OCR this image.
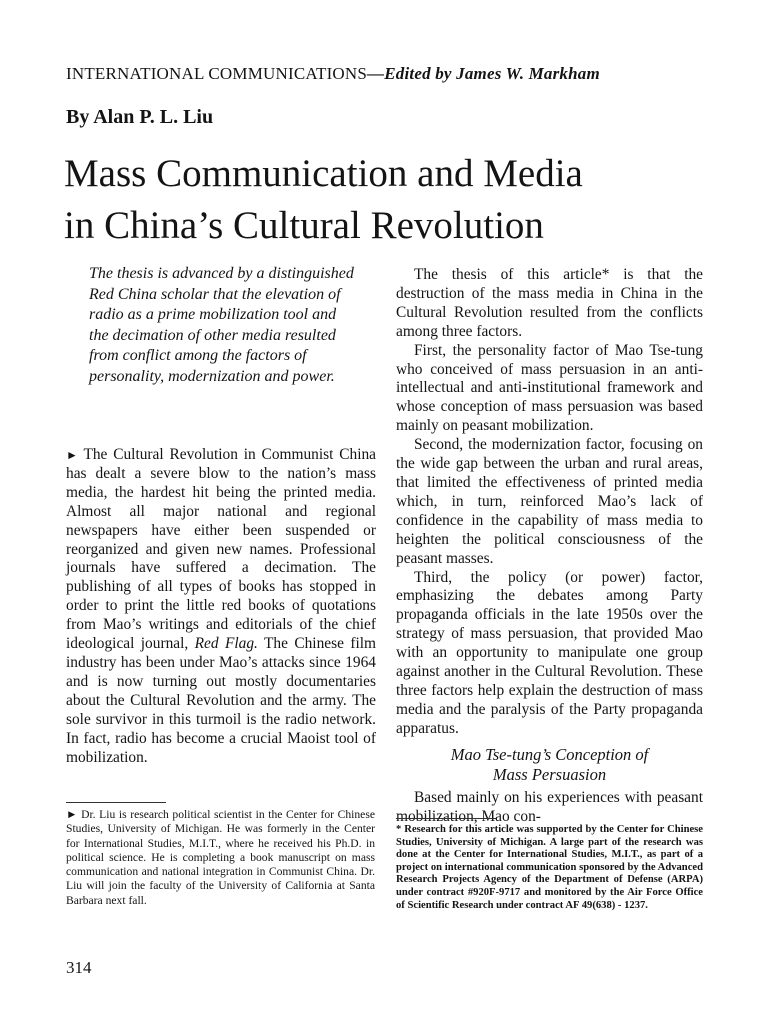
INTERNATIONAL COMMUNICATIONS—Edited by James W. Markham
By Alan P. L. Liu
Mass Communication and Media
in China’s Cultural Revolution
The thesis is advanced by a distinguished Red China scholar that the elevation of radio as a prime mobilization tool and the decimation of other media resulted from conflict among the factors of personality, modernization and power.

► The Cultural Revolution in Communist China has dealt a severe blow to the nation’s mass media, the hardest hit being the printed media. Almost all major national and regional newspapers have either been suspended or reorganized and given new names. Professional journals have suffered a decimation. The publishing of all types of books has stopped in order to print the little red books of quotations from Mao’s writings and editorials of the chief ideological journal, Red Flag. The Chinese film industry has been under Mao’s attacks since 1964 and is now turning out mostly documentaries about the Cultural Revolution and the army. The sole survivor in this turmoil is the radio network. In fact, radio has become a crucial Maoist tool of mobilization.

The thesis of this article* is that the destruction of the mass media in China in the Cultural Revolution resulted from the conflicts among three factors.

First, the personality factor of Mao Tse-tung who conceived of mass persuasion in an anti-intellectual and anti-institutional framework and whose conception of mass persuasion was based mainly on peasant mobilization.

Second, the modernization factor, focusing on the wide gap between the urban and rural areas, that limited the effectiveness of printed media which, in turn, reinforced Mao’s lack of confidence in the capability of mass media to heighten the political consciousness of the peasant masses.

Third, the policy (or power) factor, emphasizing the debates among Party propaganda officials in the late 1950s over the strategy of mass persuasion, that provided Mao with an opportunity to manipulate one group against another in the Cultural Revolution. These three factors help explain the destruction of mass media and the paralysis of the Party propaganda apparatus.

Mao Tse-tung’s Conception of
Mass Persuasion

Based mainly on his experiences with peasant mobilization, Mao con-

► Dr. Liu is research political scientist in the Center for Chinese Studies, University of Michigan. He was formerly in the Center for International Studies, M.I.T., where he received his Ph.D. in political science. He is completing a book manuscript on mass communication and national integration in Communist China. Dr. Liu will join the faculty of the University of California at Santa Barbara next fall.
* Research for this article was supported by the Center for Chinese Studies, University of Michigan. A large part of the research was done at the Center for International Studies, M.I.T., as part of a project on international communication sponsored by the Advanced Research Projects Agency of the Department of Defense (ARPA) under contract #920F-9717 and monitored by the Air Force Office of Scientific Research under contract AF 49(638) - 1237.
314
